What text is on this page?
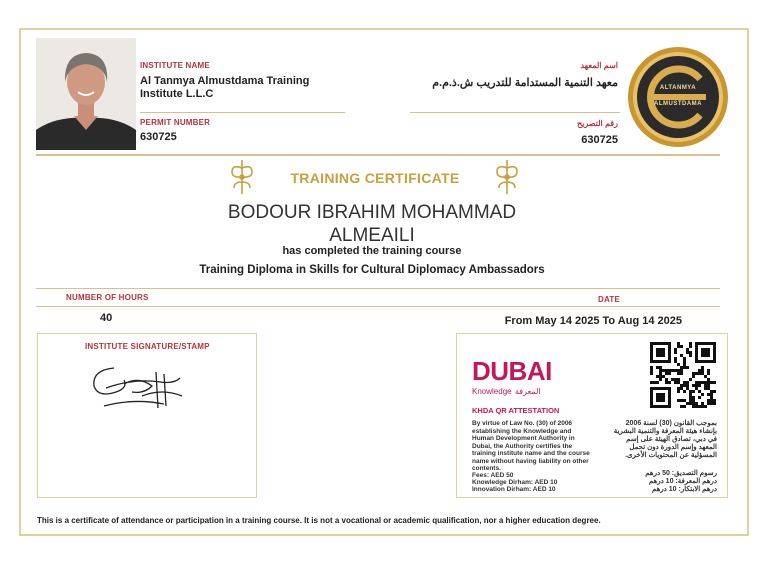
INSTITUTE NAME
Al Tanmya Almustdama Training Institute L.L.C
PERMIT NUMBER
630725
اسم المعهد
معهد التنمية المستدامة للتدريب ش.ذ.م.م
رقم التصريح
630725
ALTANMYA
ALMUSTDAMA
TRAINING CERTIFICATE
BODOUR IBRAHIM MOHAMMAD
ALMEAILI
has completed the training course
Training Diploma in Skills for Cultural Diplomacy Ambassadors
NUMBER OF HOURS	DATE
40	From May 14 2025 To Aug 14 2025
INSTITUTE SIGNATURE/STAMP
DUBAI
Knowledge المعرفة
KHDA QR ATTESTATION
By virtue of Law No. (30) of 2006 establishing the Knowledge and Human Development Authority in Dubai, the Authority certifies the training institute name and the course name without having liability on other contents.
Fees: AED 50
Knowledge Dirham: AED 10
Innovation Dirham: AED 10
بموجب القانون (30) لسنة 2006 بإنشاء هيئة المعرفة والتنمية البشرية في دبي، تصادق الهيئة على إسم المعهد وإسم الدورة دون تحمل المسؤلية عن المحتويات الأخرى.
رسوم التصديق: 50 درهم
درهم المعرفة: 10 درهم
درهم الابتكار: 10 درهم
This is a certificate of attendance or participation in a training course. It is not a vocational or academic qualification, nor a higher education degree.
